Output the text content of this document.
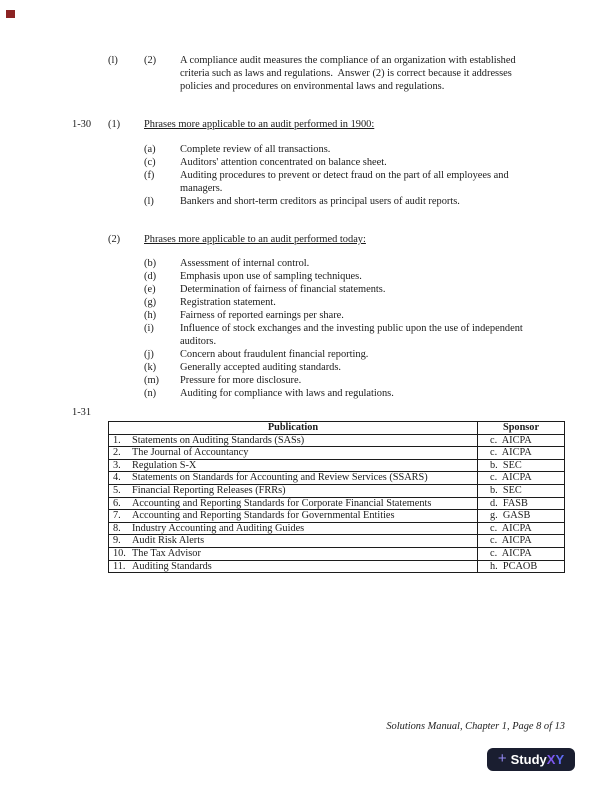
(l)	(2) A compliance audit measures the compliance of an organization with established
criteria such as laws and regulations.  Answer (2) is correct because it addresses
policies and procedures on environmental laws and regulations.
1-30 (1) Phrases more applicable to an audit performed in 1900:
(a) Complete review of all transactions.
(c) Auditors' attention concentrated on balance sheet.
(f) Auditing procedures to prevent or detect fraud on the part of all employees and
managers.
(l)	Bankers and short-term creditors as principal users of audit reports.
(2) Phrases more applicable to an audit performed today:
(b) Assessment of internal control.
(d) Emphasis upon use of sampling techniques.
(e) Determination of fairness of financial statements.
(g) Registration statement.
(h) Fairness of reported earnings per share.
(i)	Influence of stock exchanges and the investing public upon the use of independent
auditors.
(j)	Concern about fraudulent financial reporting.
(k) Generally accepted auditing standards.
(m) Pressure for more disclosure.
(n) Auditing for compliance with laws and regulations.
1-31
Publication	Sponsor
1. Statements on Auditing Standards (SASs)	c.  AICPA
2. The Journal of Accountancy	c.  AICPA
3. Regulation S-X	b.  SEC
4. Statements on Standards for Accounting and Review Services (SSARS)	c.  AICPA
5. Financial Reporting Releases (FRRs)	b.  SEC
6. Accounting and Reporting Standards for Corporate Financial Statements	d.  FASB
7. Accounting and Reporting Standards for Governmental Entities	g.  GASB
8. Industry Accounting and Auditing Guides	c.  AICPA
9. Audit Risk Alerts	c.  AICPA
10. The Tax Advisor	c.  AICPA
11. Auditing Standards	h.  PCAOB
Solutions Manual, Chapter 1, Page 8 of 13
+ StudyXY
